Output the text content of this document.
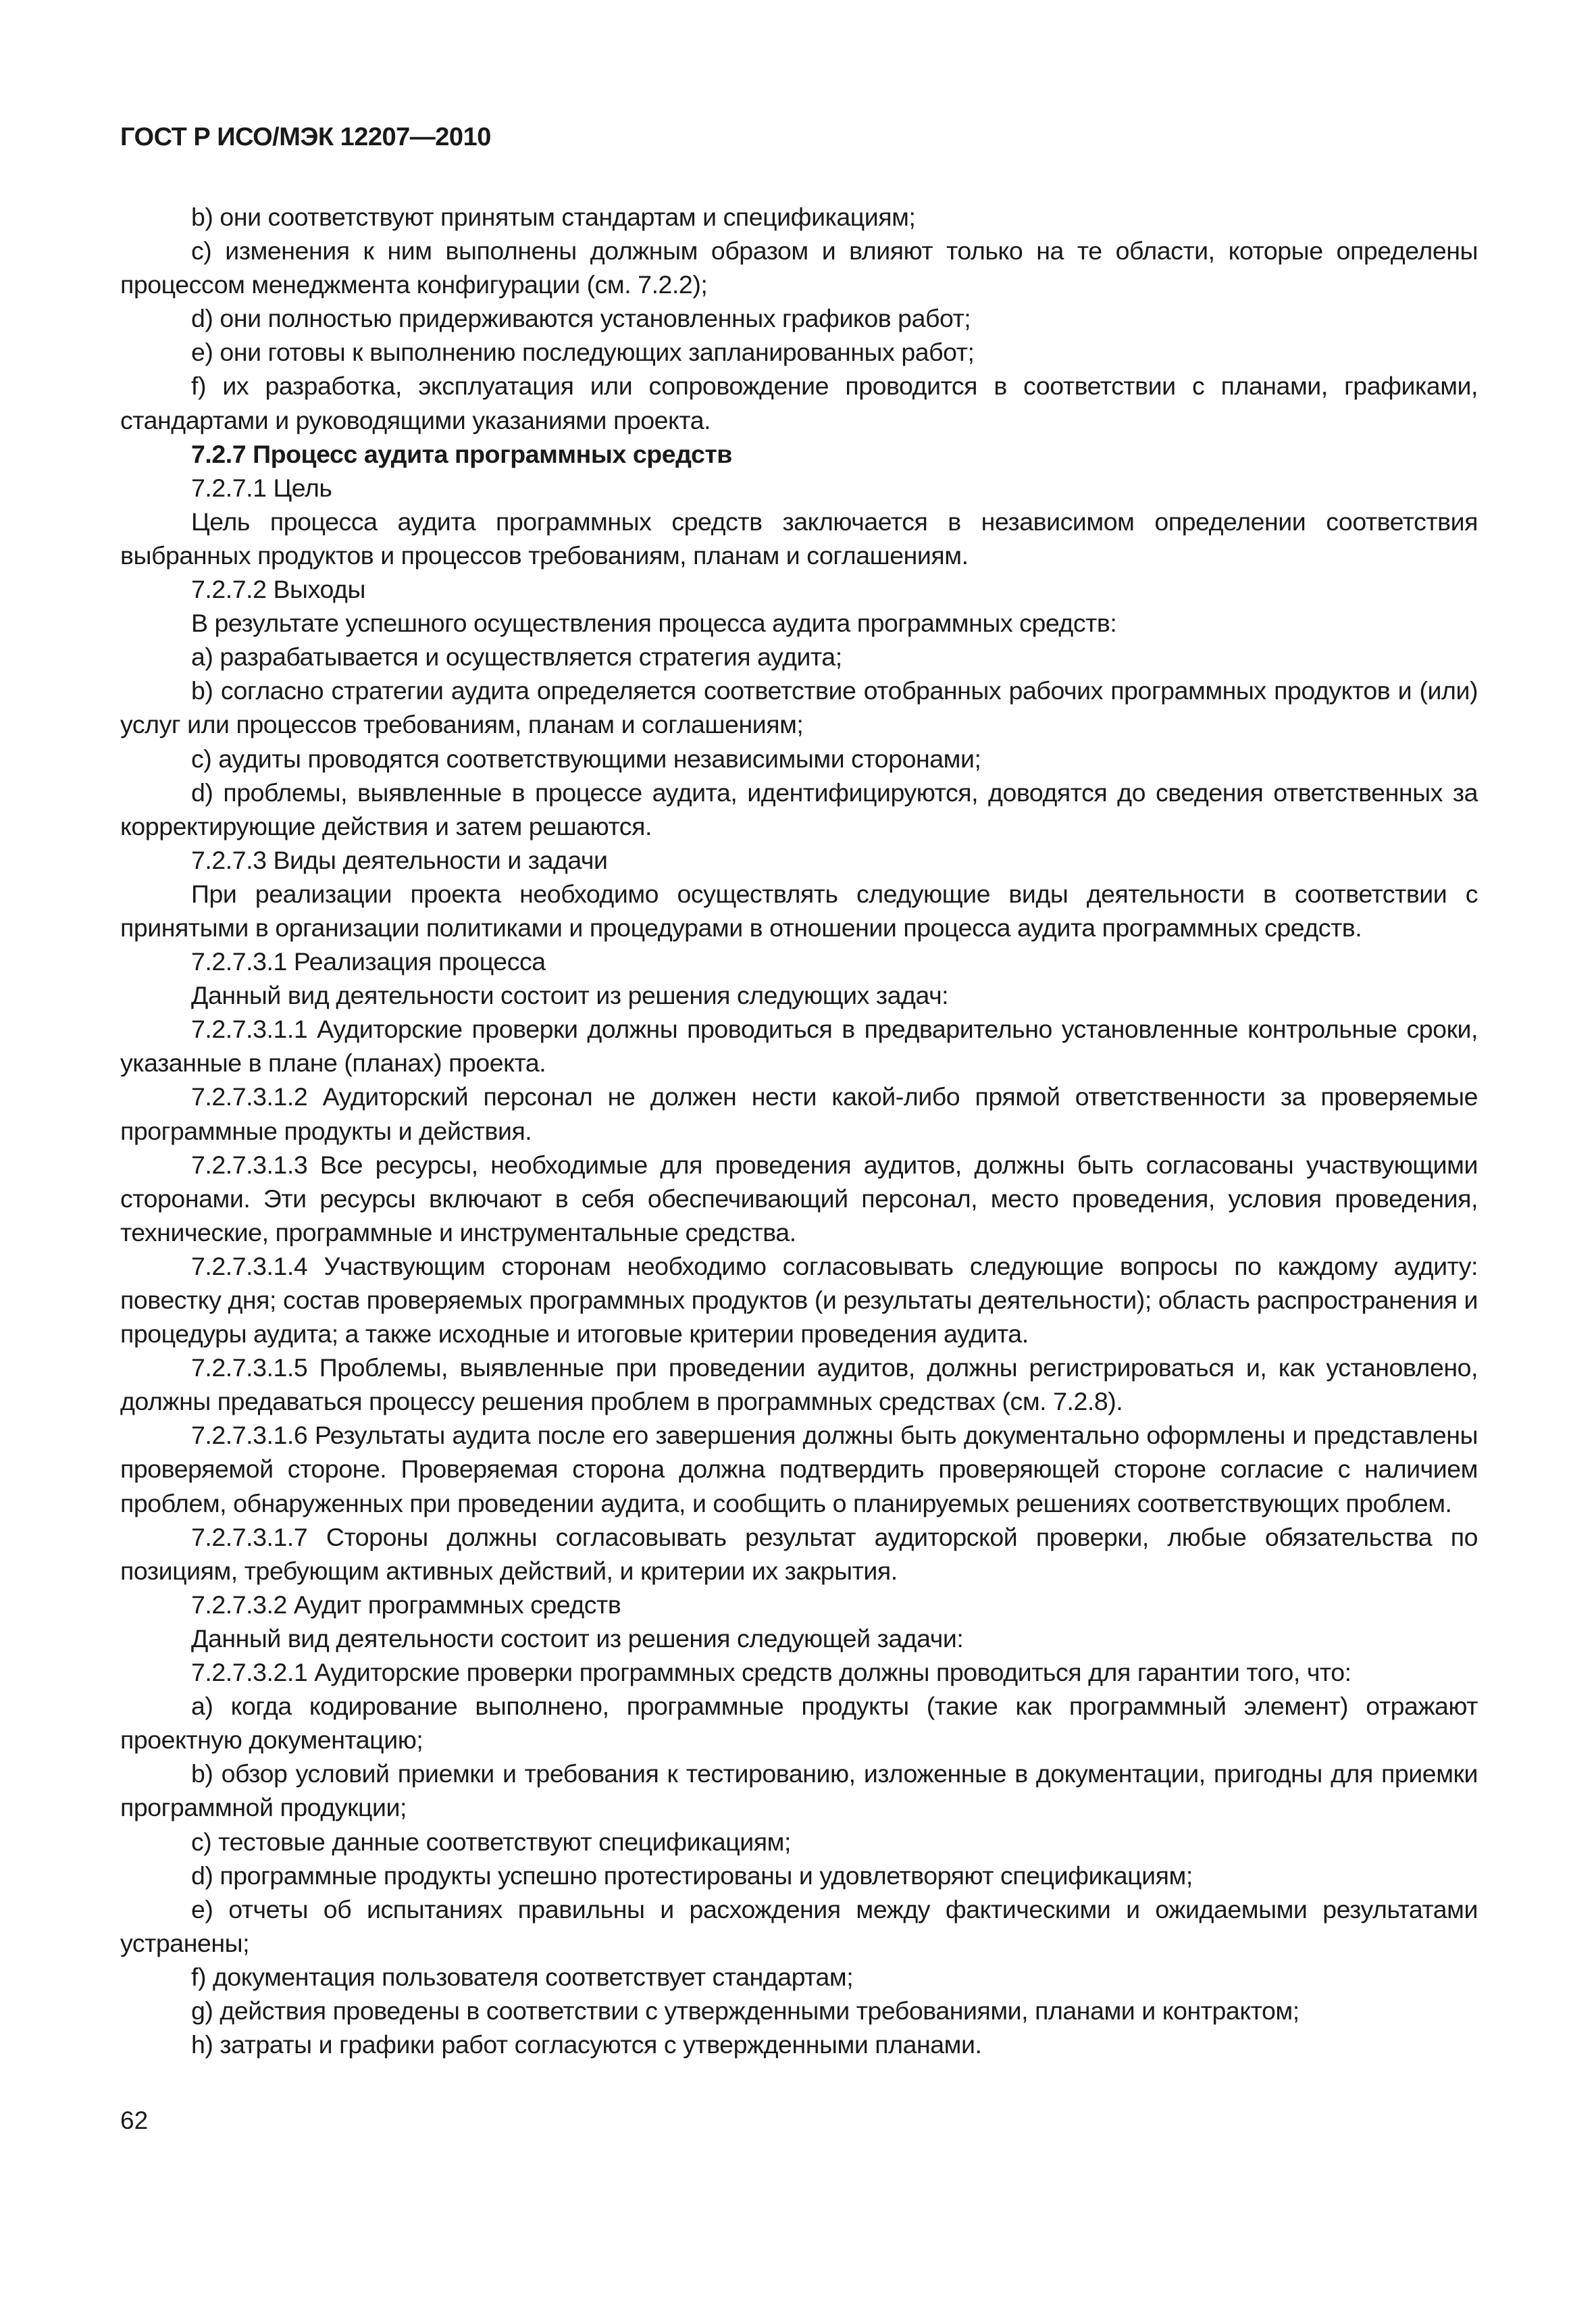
ГОСТ Р ИСО/МЭК 12207—2010

b) они соответствуют принятым стандартам и спецификациям;

c) изменения к ним выполнены должным образом и влияют только на те области, которые определены процессом менеджмента конфигурации (см. 7.2.2);

d) они полностью придерживаются установленных графиков работ;

e) они готовы к выполнению последующих запланированных работ;

f) их разработка, эксплуатация или сопровождение проводится в соответствии с планами, графиками, стандартами и руководящими указаниями проекта.

7.2.7 Процесс аудита программных средств

7.2.7.1 Цель

Цель процесса аудита программных средств заключается в независимом определении соответствия выбранных продуктов и процессов требованиям, планам и соглашениям.

7.2.7.2 Выходы

В результате успешного осуществления процесса аудита программных средств:

a) разрабатывается и осуществляется стратегия аудита;

b) согласно стратегии аудита определяется соответствие отобранных рабочих программных продуктов и (или) услуг или процессов требованиям, планам и соглашениям;

c) аудиты проводятся соответствующими независимыми сторонами;

d) проблемы, выявленные в процессе аудита, идентифицируются, доводятся до сведения ответственных за корректирующие действия и затем решаются.

7.2.7.3 Виды деятельности и задачи

При реализации проекта необходимо осуществлять следующие виды деятельности в соответствии с принятыми в организации политиками и процедурами в отношении процесса аудита программных средств.

7.2.7.3.1 Реализация процесса

Данный вид деятельности состоит из решения следующих задач:

7.2.7.3.1.1 Аудиторские проверки должны проводиться в предварительно установленные контрольные сроки, указанные в плане (планах) проекта.

7.2.7.3.1.2 Аудиторский персонал не должен нести какой-либо прямой ответственности за проверяемые программные продукты и действия.

7.2.7.3.1.3 Все ресурсы, необходимые для проведения аудитов, должны быть согласованы участвующими сторонами. Эти ресурсы включают в себя обеспечивающий персонал, место проведения, условия проведения, технические, программные и инструментальные средства.

7.2.7.3.1.4 Участвующим сторонам необходимо согласовывать следующие вопросы по каждому аудиту: повестку дня; состав проверяемых программных продуктов (и результаты деятельности); область распространения и процедуры аудита; а также исходные и итоговые критерии проведения аудита.

7.2.7.3.1.5 Проблемы, выявленные при проведении аудитов, должны регистрироваться и, как установлено, должны предаваться процессу решения проблем в программных средствах (см. 7.2.8).

7.2.7.3.1.6 Результаты аудита после его завершения должны быть документально оформлены и представлены проверяемой стороне. Проверяемая сторона должна подтвердить проверяющей стороне согласие с наличием проблем, обнаруженных при проведении аудита, и сообщить о планируемых решениях соответствующих проблем.

7.2.7.3.1.7 Стороны должны согласовывать результат аудиторской проверки, любые обязательства по позициям, требующим активных действий, и критерии их закрытия.

7.2.7.3.2 Аудит программных средств

Данный вид деятельности состоит из решения следующей задачи:

7.2.7.3.2.1 Аудиторские проверки программных средств должны проводиться для гарантии того, что:

a) когда кодирование выполнено, программные продукты (такие как программный элемент) отражают проектную документацию;

b) обзор условий приемки и требования к тестированию, изложенные в документации, пригодны для приемки программной продукции;

c) тестовые данные соответствуют спецификациям;

d) программные продукты успешно протестированы и удовлетворяют спецификациям;

e) отчеты об испытаниях правильны и расхождения между фактическими и ожидаемыми результатами устранены;

f) документация пользователя соответствует стандартам;

g) действия проведены в соответствии с утвержденными требованиями, планами и контрактом;

h) затраты и графики работ согласуются с утвержденными планами.

62
